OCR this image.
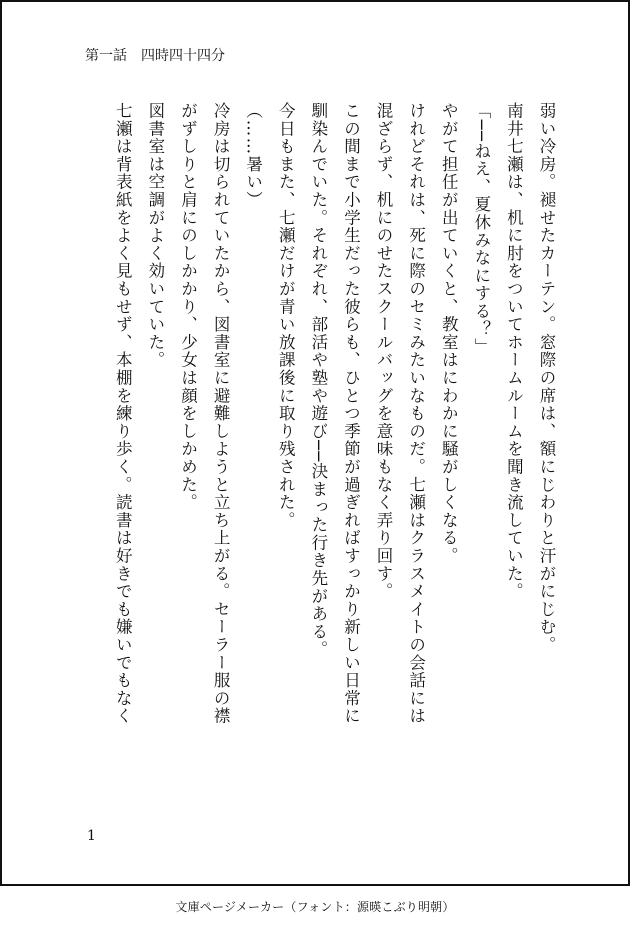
第一話　四時四十四分
弱い冷房。褪せたカーテン。窓際の席は、額にじわりと汗がにじむ。
南井七瀬は、机に肘をついてホームルームを聞き流していた。
「──ねえ、夏休みなにする？」
やがて担任が出ていくと、教室はにわかに騒がしくなる。
けれどそれは、死に際のセミみたいなものだ。七瀬はクラスメイトの会話には
混ざらず、机にのせたスクールバッグを意味もなく弄り回す。
この間まで小学生だった彼らも、ひとつ季節が過ぎればすっかり新しい日常に
馴染んでいた。それぞれ、部活や塾や遊び──決まった行き先がある。
今日もまた、七瀬だけが青い放課後に取り残された。
（……暑い）
冷房は切られていたから、図書室に避難しようと立ち上がる。セーラー服の襟
がずしりと肩にのしかかり、少女は顔をしかめた。
図書室は空調がよく効いていた。
七瀬は背表紙をよく見もせず、本棚を練り歩く。読書は好きでも嫌いでもなく
1
文庫ページメーカー（フォント：源暎こぶり明朝）
